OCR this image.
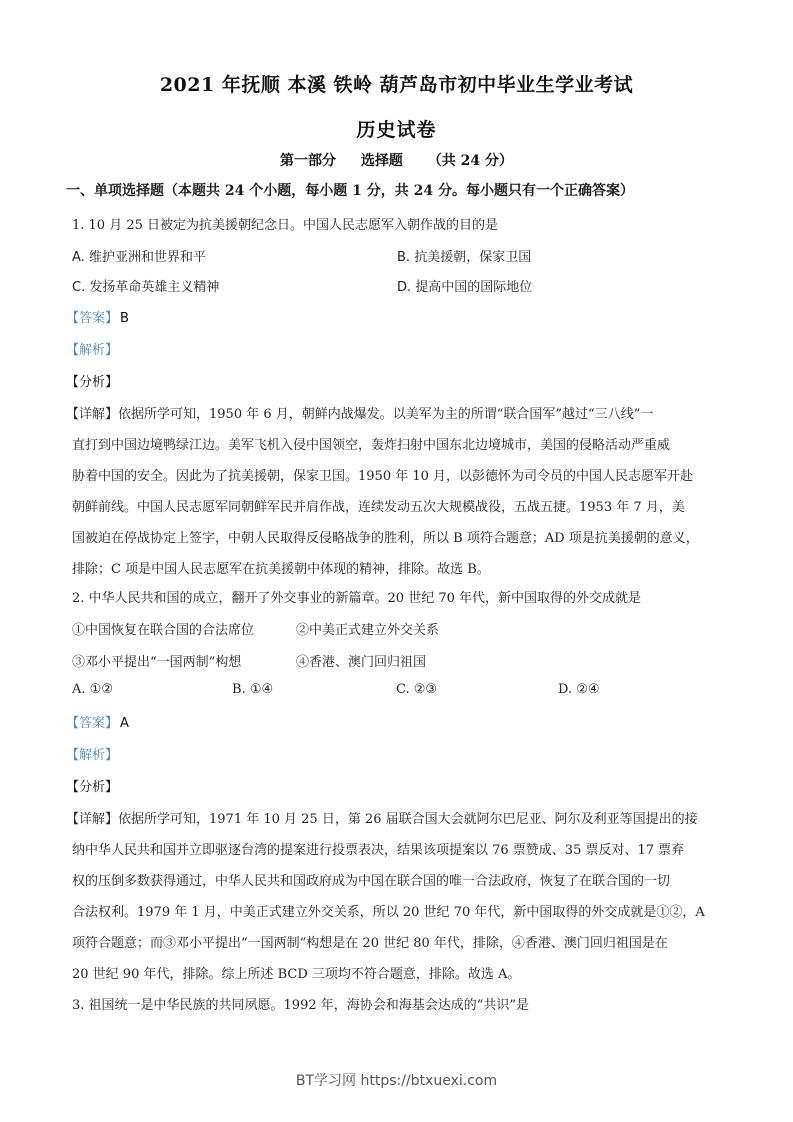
2021 年抚顺 本溪 铁岭 葫芦岛市初中毕业生学业考试
历史试卷
第一部分 选择题 （共 24 分）
一、单项选择题（本题共 24 个小题，每小题 1 分，共 24 分。每小题只有一个正确答案）
1. 10 月 25 日被定为抗美援朝纪念日。中国人民志愿军入朝作战的目的是
A. 维护亚洲和世界和平	B. 抗美援朝，保家卫国
C. 发扬革命英雄主义精神	D. 提高中国的国际地位
【答案】 B
【解析】
【分析】
【详解】依据所学可知，1950 年 6 月，朝鲜内战爆发。以美军为主的所谓“联合国军”越过“三八线”一
直打到中国边境鸭绿江边。美军飞机入侵中国领空，轰炸扫射中国东北边境城市，美国的侵略活动严重威
胁着中国的安全。因此为了抗美援朝，保家卫国。1950 年 10 月，以彭德怀为司令员的中国人民志愿军开赴
朝鲜前线。中国人民志愿军同朝鲜军民并肩作战，连续发动五次大规模战役，五战五捷。1953 年 7 月，美
国被迫在停战协定上签字，中朝人民取得反侵略战争的胜利，所以 B 项符合题意；AD 项是抗美援朝的意义，
排除；C 项是中国人民志愿军在抗美援朝中体现的精神，排除。故选 B。
2. 中华人民共和国的成立，翻开了外交事业的新篇章。20 世纪 70 年代，新中国取得的外交成就是
①中国恢复在联合国的合法席位	②中美正式建立外交关系
③邓小平提出“一国两制”构想	④香港、澳门回归祖国
A. ①②	B. ①④	C. ②③	D. ②④
【答案】 A
【解析】
【分析】
【详解】依据所学可知，1971 年 10 月 25 日，第 26 届联合国大会就阿尔巴尼亚、阿尔及利亚等国提出的接
纳中华人民共和国并立即驱逐台湾的提案进行投票表决，结果该项提案以 76 票赞成、35 票反对、17 票弃
权的压倒多数获得通过，中华人民共和国政府成为中国在联合国的唯一合法政府，恢复了在联合国的一切
合法权利。1979 年 1 月，中美正式建立外交关系，所以 20 世纪 70 年代，新中国取得的外交成就是①②，A
项符合题意；而③邓小平提出“一国两制”构想是在 20 世纪 80 年代，排除，④香港、澳门回归祖国是在
20 世纪 90 年代，排除。综上所述 BCD 三项均不符合题意，排除。故选 A。
3. 祖国统一是中华民族的共同夙愿。1992 年，海协会和海基会达成的“共识”是
BT学习网 https://btxuexi.com
